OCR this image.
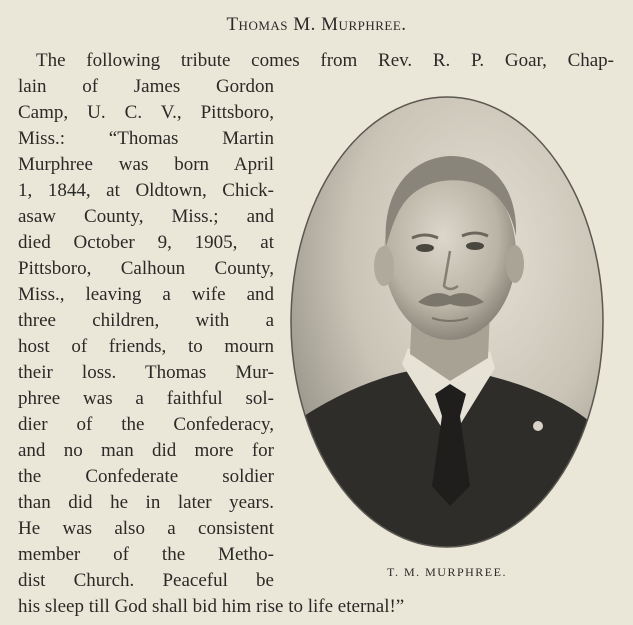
Thomas M. Murphree.
The following tribute comes from Rev. R. P. Goar, Chap-
lain of James Gordon
Camp, U. C. V., Pittsboro,
Miss.: “Thomas Martin
Murphree was born April
1, 1844, at Oldtown, Chick-
asaw County, Miss.; and
died October 9, 1905, at
Pittsboro, Calhoun County,
Miss., leaving a wife and
three children, with a
host of friends, to mourn
their loss. Thomas Mur-
phree was a faithful sol-
dier of the Confederacy,
and no man did more for
the Confederate soldier
than did he in later years.
He was also a consistent
member of the Metho-
dist Church. Peaceful be
his sleep till God shall bid him rise to life eternal!”
T. M. MURPHREE.
